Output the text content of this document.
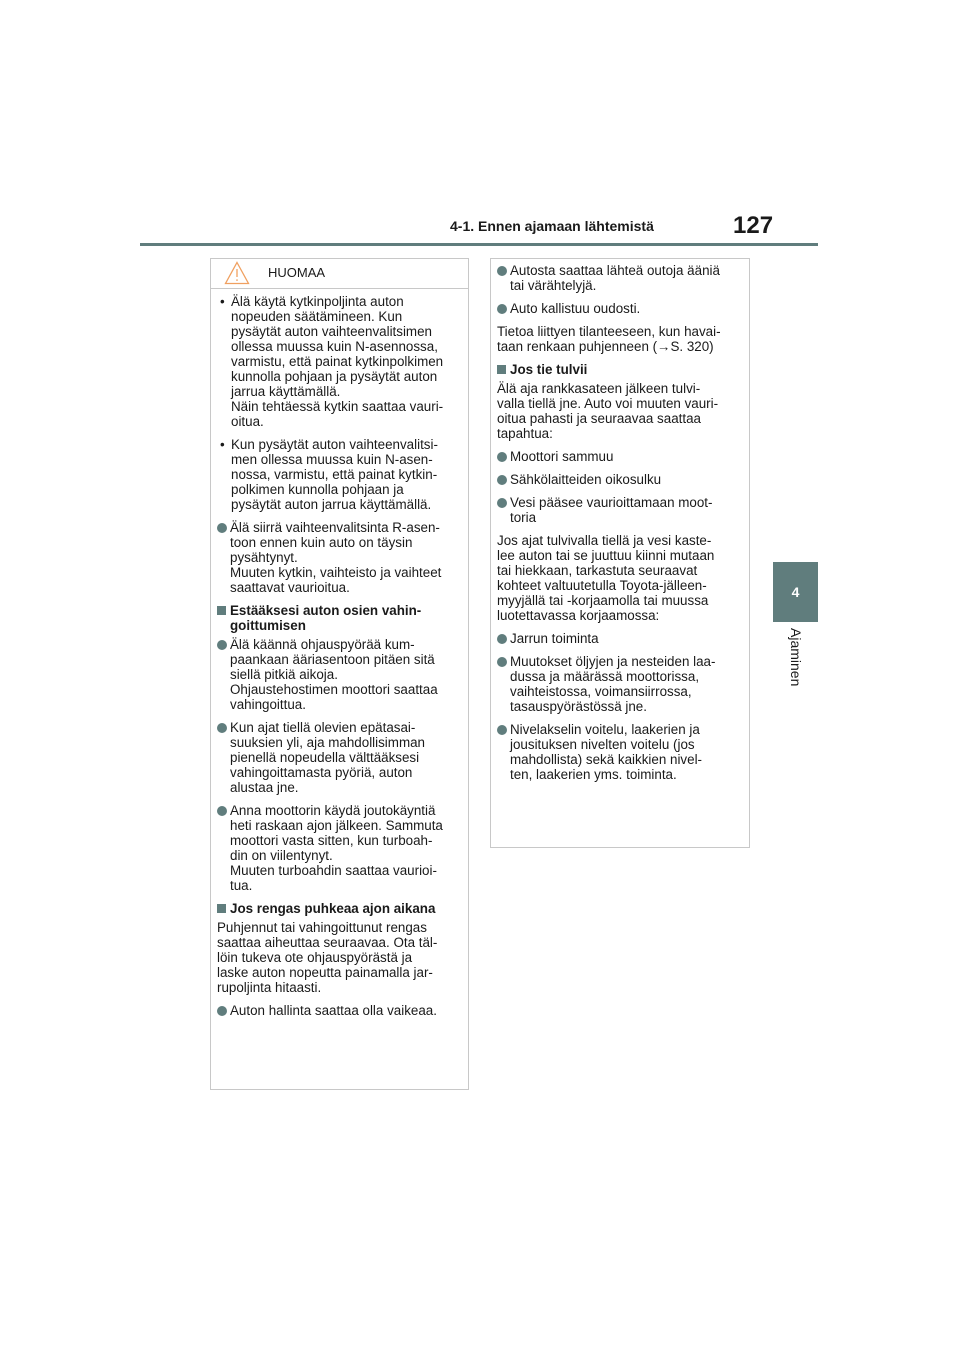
4-1. Ennen ajamaan lähtemistä	127
4
Ajaminen
HUOMAA

• Älä käytä kytkinpoljinta auton
nopeuden säätämineen. Kun
pysäytät auton vaihteenvalitsimen
ollessa muussa kuin N-asennossa,
varmistu, että painat kytkinpolkimen
kunnolla pohjaan ja pysäytät auton
jarrua käyttämällä.
Näin tehtäessä kytkin saattaa vauri-
oitua.

• Kun pysäytät auton vaihteenvalitsi-
men ollessa muussa kuin N-asen-
nossa, varmistu, että painat kytkin-
polkimen kunnolla pohjaan ja
pysäytät auton jarrua käyttämällä.

Älä siirrä vaihteenvalitsinta R-asen-
toon ennen kuin auto on täysin
pysähtynyt.
Muuten kytkin, vaihteisto ja vaihteet
saattavat vaurioitua.

Estääksesi auton osien vahin-
goittumisen

Älä käännä ohjauspyörää kum-
paankaan ääriasentoon pitäen sitä
siellä pitkiä aikoja.
Ohjaustehostimen moottori saattaa
vahingoittua.

Kun ajat tiellä olevien epätasai-
suuksien yli, aja mahdollisimman
pienellä nopeudella välttääksesi
vahingoittamasta pyöriä, auton
alustaa jne.

Anna moottorin käydä joutokäyntiä
heti raskaan ajon jälkeen. Sammuta
moottori vasta sitten, kun turboah-
din on viilentynyt.
Muuten turboahdin saattaa vaurioi-
tua.

Jos rengas puhkeaa ajon aikana

Puhjennut tai vahingoittunut rengas
saattaa aiheuttaa seuraavaa. Ota täl-
löin tukeva ote ohjauspyörästä ja
laske auton nopeutta painamalla jar-
rupoljinta hitaasti.

Auton hallinta saattaa olla vaikeaa.

Autosta saattaa lähteä outoja ääniä
tai värähtelyjä.

Auto kallistuu oudosti.

Tietoa liittyen tilanteeseen, kun havai-
taan renkaan puhjenneen (→S. 320)

Jos tie tulvii

Älä aja rankkasateen jälkeen tulvi-
valla tiellä jne. Auto voi muuten vauri-
oitua pahasti ja seuraavaa saattaa
tapahtua:

Moottori sammuu

Sähkölaitteiden oikosulku

Vesi pääsee vaurioittamaan moot-
toria

Jos ajat tulvivalla tiellä ja vesi kaste-
lee auton tai se juuttuu kiinni mutaan
tai hiekkaan, tarkastuta seuraavat
kohteet valtuutetulla Toyota-jälleen-
myyjällä tai -korjaamolla tai muussa
luotettavassa korjaamossa:

Jarrun toiminta

Muutokset öljyjen ja nesteiden laa-
dussa ja määrässä moottorissa,
vaihteistossa, voimansiirrossa,
tasauspyörästössä jne.

Nivelakselin voitelu, laakerien ja
jousituksen nivelten voitelu (jos
mahdollista) sekä kaikkien nivel-
ten, laakerien yms. toiminta.
